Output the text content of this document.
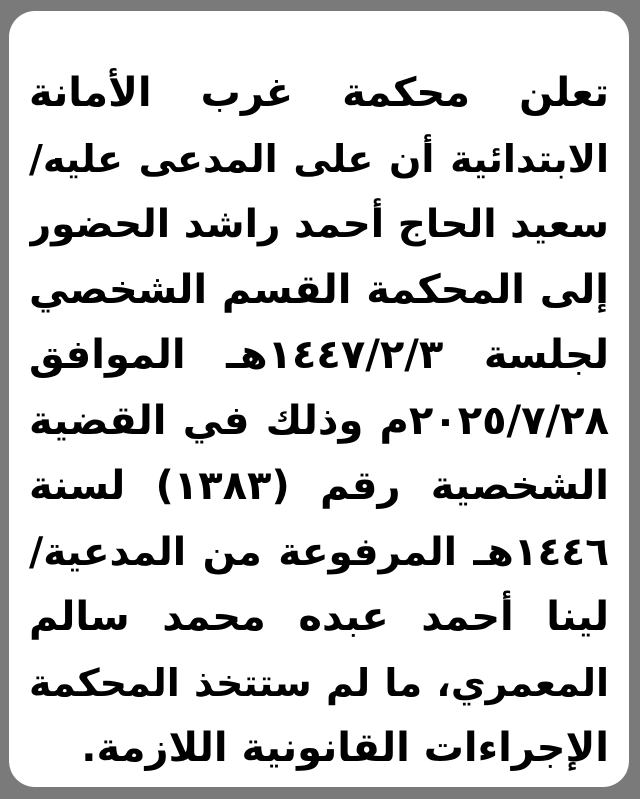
تعلن محكمة غرب الأمانة
الابتدائية أن على المدعى عليه/
سعيد الحاج أحمد راشد الحضور
إلى المحكمة القسم الشخصي
لجلسة ١٤٤٧/٢/٣هـ الموافق
٢٠٢٥/٧/٢٨م وذلك في القضية
الشخصية رقم (١٣٨٣) لسنة
١٤٤٦هـ المرفوعة من المدعية/
لينا أحمد عبده محمد سالم
المعمري، ما لم ستتخذ المحكمة
الإجراءات القانونية اللازمة.
